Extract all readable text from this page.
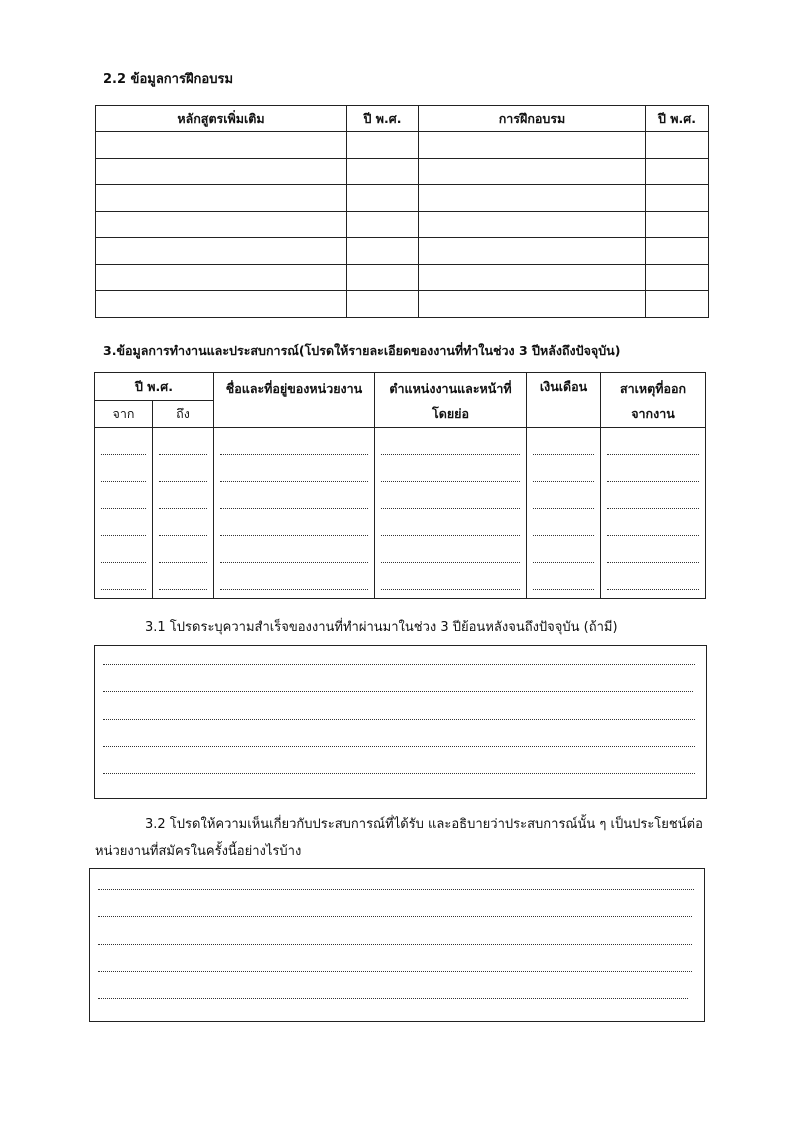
2.2 ข้อมูลการฝึกอบรม
หลักสูตรเพิ่มเติม	ปี พ.ศ.	การฝึกอบรม	ปี พ.ศ.

3.ข้อมูลการทำงานและประสบการณ์(โปรดให้รายละเอียดของงานที่ทำในช่วง 3 ปีหลังถึงปัจจุบัน)
ปี พ.ศ.		ชื่อและที่อยู่ของหน่วยงาน	ตำแหน่งงานและหน้าที่	เงินเดือน	สาเหตุที่ออก
จาก	ถึง		โดยย่อ		จากงาน

3.1 โปรดระบุความสำเร็จของงานที่ทำผ่านมาในช่วง 3 ปีย้อนหลังจนถึงปัจจุบัน (ถ้ามี)
3.2 โปรดให้ความเห็นเกี่ยวกับประสบการณ์ที่ได้รับ และอธิบายว่าประสบการณ์นั้น ๆ เป็นประโยชน์ต่อ
หน่วยงานที่สมัครในครั้งนี้อย่างไรบ้าง
